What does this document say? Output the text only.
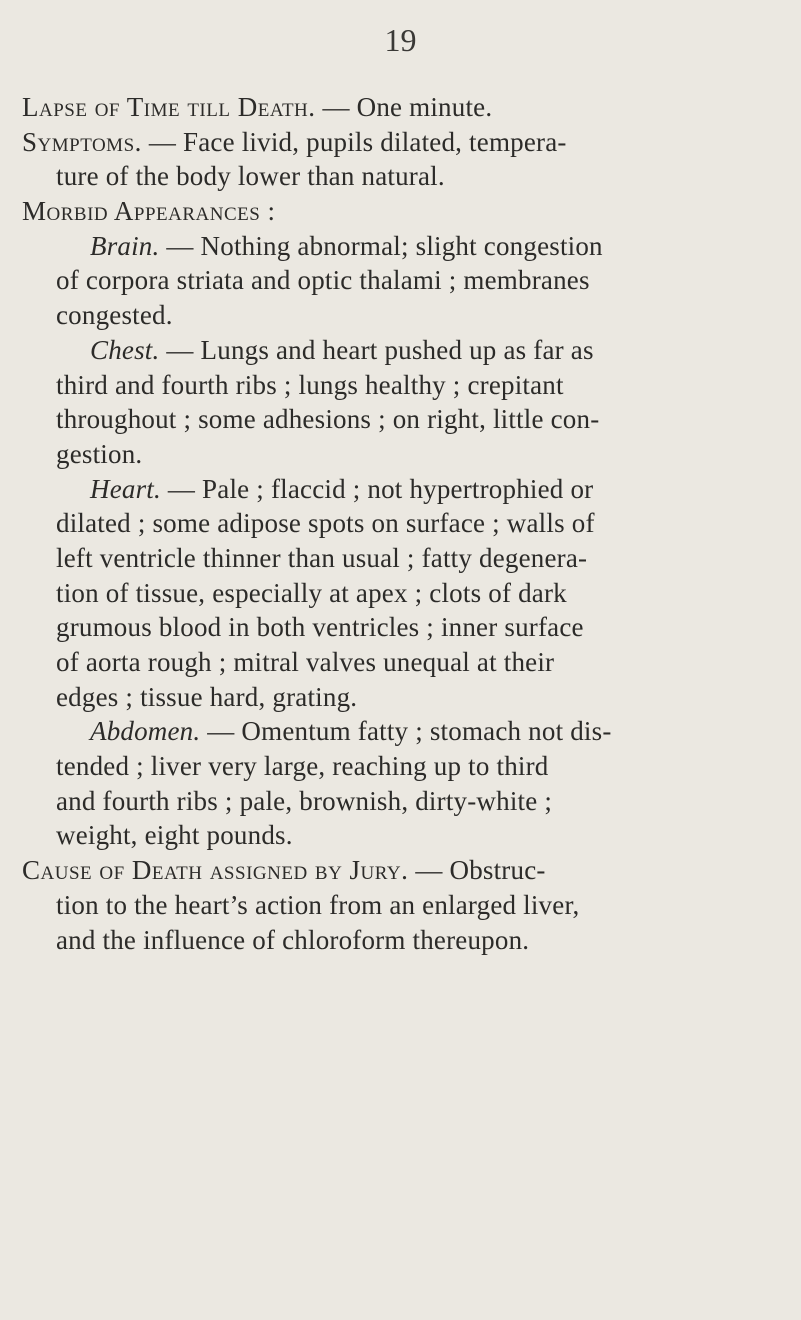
19
Lapse of Time till Death. — One minute.
Symptoms. — Face livid, pupils dilated, tempera-
ture of the body lower than natural.
Morbid Appearances :
Brain. — Nothing abnormal; slight congestion
of corpora striata and optic thalami ; membranes
congested.
Chest. — Lungs and heart pushed up as far as
third and fourth ribs ; lungs healthy ; crepitant
throughout ; some adhesions ; on right, little con-
gestion.
Heart. — Pale ; flaccid ; not hypertrophied or
dilated ; some adipose spots on surface ; walls of
left ventricle thinner than usual ; fatty degenera-
tion of tissue, especially at apex ; clots of dark
grumous blood in both ventricles ; inner surface
of aorta rough ; mitral valves unequal at their
edges ; tissue hard, grating.
Abdomen. — Omentum fatty ; stomach not dis-
tended ; liver very large, reaching up to third
and fourth ribs ; pale, brownish, dirty-white ;
weight, eight pounds.
Cause of Death assigned by Jury. — Obstruc-
tion to the heart’s action from an enlarged liver,
and the influence of chloroform thereupon.
